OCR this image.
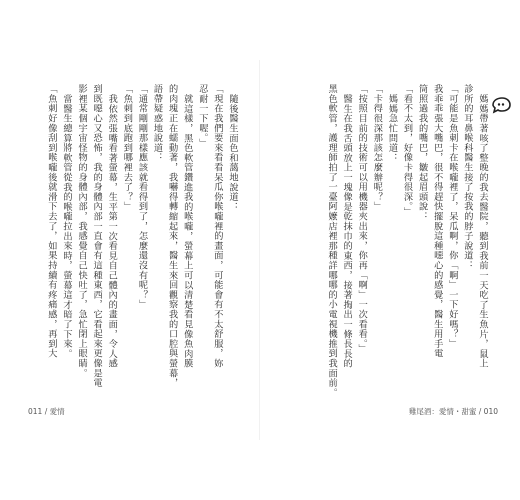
媽媽帶著咳了整晚的我去醫院，聽到我前一天吃了生魚片，鼠上
診所的耳鼻喉科醫生接了按我的脖子說道：
「可能是魚刺卡在喉嚨裡了，呆瓜啊，你「啊」一下好嗎？」
我乖乖張大嘴巴，很不得趕快擺脫這種噁心的感覺，醫生用手電
筒照過我的嘴巴，皺起眉頭說：
「看不太到，好像卡得很深。」
媽媽急忙問道：
「卡得很深那該怎麼辦呢？」
「按照目前的技術可以用機器夾出來，你再「啊」一次看看。」
醫生在我舌頭放上一塊像是乾抹巾的東西，接著掏出一條長長的
黑色軟管，護理師拍了一臺阿嬤店裡那種詳哪哪的小電視機推到我面前。
雞尾酒：愛情・甜蜜 / 010
隨後醫生面色和藹地說道：
「現在我們要來看看呆瓜你喉嚨裡的畫面，可能會有不太舒服，妳
忍耐一下喔。」
就這樣，黑色軟管鑽進我的喉嚨，螢幕上可以清楚看見像魚肉膜
的肉塊正在蠕動著，我嚇得轉縮起來，醫生來回觀察我的口腔與螢幕，
語帶疑惑地說道：
「通常剛剛那樣應該就看得到了，怎麼還沒有呢？」
「魚刺到底跑到哪裡去了？」
我依然張嘴看著螢幕，生平第一次看見自己體內的畫面，令人感
到既噁心又恐怖，我的身體內部一直會有這種東西，它看起來更像是電
影裡某個宇宙怪物的身體內部，我感覺自己快吐了，急忙閉上眼睛。
當醫生總算將軟管從我的喉嚨拉出來時，螢幕這才暗了下來。
「魚刺好像刮到喉嚨後就滑下去了，如果持續有疼痛感，再到大
011 / 愛情
